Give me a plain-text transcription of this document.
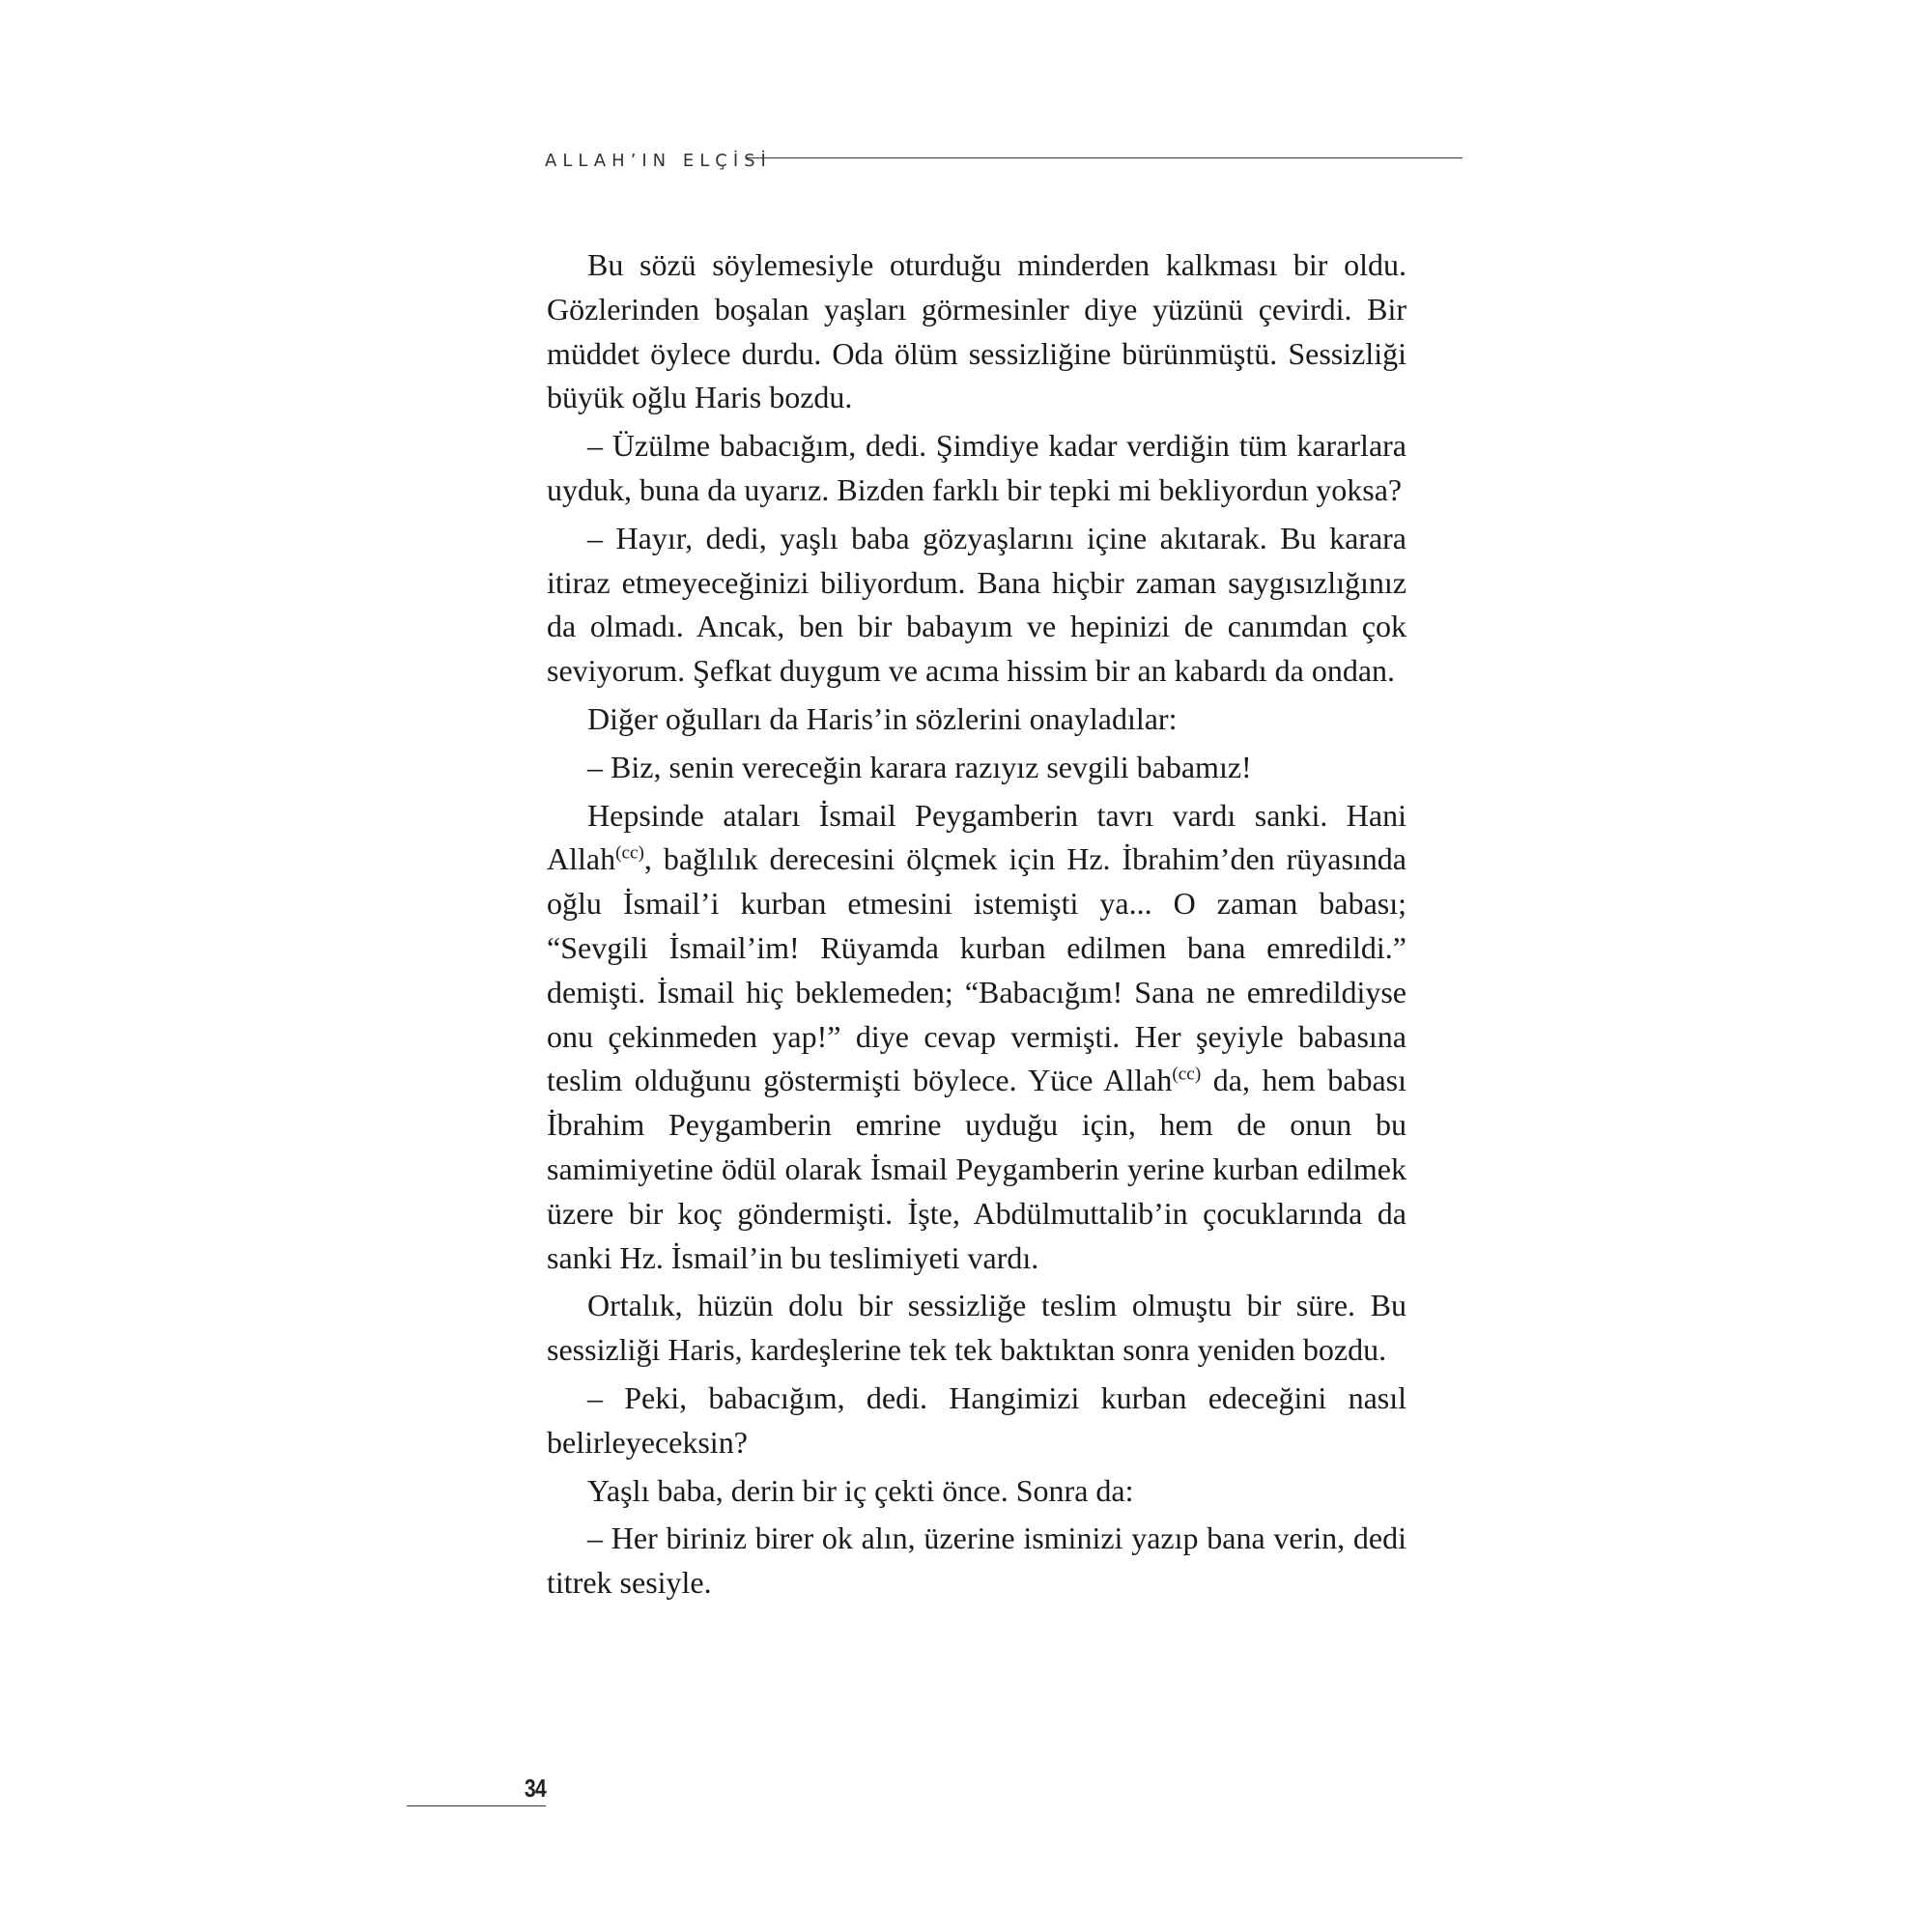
ALLAH’IN ELÇİSİ

Bu sözü söylemesiyle oturduğu minderden kalkması bir oldu. Gözlerinden boşalan yaşları görmesinler diye yüzünü çevirdi. Bir müddet öylece durdu. Oda ölüm sessizliğine bürünmüştü. Sessizliği büyük oğlu Haris bozdu.

– Üzülme babacığım, dedi. Şimdiye kadar verdiğin tüm kararlara uyduk, buna da uyarız. Bizden farklı bir tepki mi bekliyordun yoksa?

– Hayır, dedi, yaşlı baba gözyaşlarını içine akıtarak. Bu karara itiraz etmeyeceğinizi biliyordum. Bana hiçbir zaman saygısızlığınız da olmadı. Ancak, ben bir babayım ve hepinizi de canımdan çok seviyorum. Şefkat duygum ve acıma hissim bir an kabardı da ondan.

Diğer oğulları da Haris’in sözlerini onayladılar:

– Biz, senin vereceğin karara razıyız sevgili babamız!

Hepsinde ataları İsmail Peygamberin tavrı vardı sanki. Hani Allah$^{(cc)}$, bağlılık derecesini ölçmek için Hz. İbrahim’den rüyasında oğlu İsmail’i kurban etmesini istemişti ya... O zaman babası; “Sevgili İsmail’im! Rüyamda kurban edilmen bana emredildi.” demişti. İsmail hiç beklemeden; “Babacığım! Sana ne emredildiyse onu çekinmeden yap!” diye cevap vermişti. Her şeyiyle babasına teslim olduğunu göstermişti böylece. Yüce Allah$^{(cc)}$ da, hem babası İbrahim Peygamberin emrine uyduğu için, hem de onun bu samimiyetine ödül olarak İsmail Peygamberin yerine kurban edilmek üzere bir koç göndermişti. İşte, Abdülmuttalib’in çocuklarında da sanki Hz. İsmail’in bu teslimiyeti vardı.

Ortalık, hüzün dolu bir sessizliğe teslim olmuştu bir süre. Bu sessizliği Haris, kardeşlerine tek tek baktıktan sonra yeniden bozdu.

– Peki, babacığım, dedi. Hangimizi kurban edeceğini nasıl belirleyeceksin?

Yaşlı baba, derin bir iç çekti önce. Sonra da:

– Her biriniz birer ok alın, üzerine isminizi yazıp bana verin, dedi titrek sesiyle.

34
